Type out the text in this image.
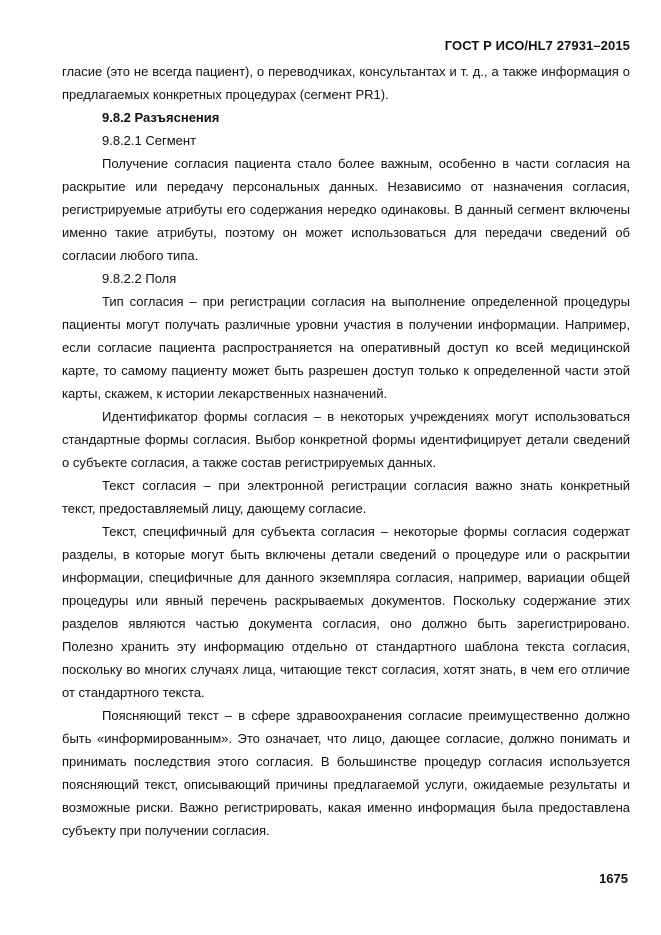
ГОСТ Р ИСО/HL7 27931–2015

гласие (это не всегда пациент), о переводчиках, консультантах и т. д., а также информация о предлагаемых конкретных процедурах (сегмент PR1).

9.8.2 Разъяснения

9.8.2.1 Сегмент

Получение согласия пациента стало более важным, особенно в части согласия на раскрытие или передачу персональных данных. Независимо от назначения согласия, регистрируемые атрибуты его содержания нередко одинаковы. В данный сегмент включены именно такие атрибуты, поэтому он может использоваться для передачи сведений об согласии любого типа.

9.8.2.2 Поля

Тип согласия – при регистрации согласия на выполнение определенной процедуры пациенты могут получать различные уровни участия в получении информации. Например, если согласие пациента распространяется на оперативный доступ ко всей медицинской карте, то самому пациенту может быть разрешен доступ только к определенной части этой карты, скажем, к истории лекарственных назначений.

Идентификатор формы согласия – в некоторых учреждениях могут использоваться стандартные формы согласия. Выбор конкретной формы идентифицирует детали сведений о субъекте согласия, а также состав регистрируемых данных.

Текст согласия – при электронной регистрации согласия важно знать конкретный текст, предоставляемый лицу, дающему согласие.

Текст, специфичный для субъекта согласия – некоторые формы согласия содержат разделы, в которые могут быть включены детали сведений о процедуре или о раскрытии информации, специфичные для данного экземпляра согласия, например, вариации общей процедуры или явный перечень раскрываемых документов. Поскольку содержание этих разделов являются частью документа согласия, оно должно быть зарегистрировано. Полезно хранить эту информацию отдельно от стандартного шаблона текста согласия, поскольку во многих случаях лица, читающие текст согласия, хотят знать, в чем его отличие от стандартного текста.

Поясняющий текст – в сфере здравоохранения согласие преимущественно должно быть «информированным». Это означает, что лицо, дающее согласие, должно понимать и принимать последствия этого согласия. В большинстве процедур согласия используется поясняющий текст, описывающий причины предлагаемой услуги, ожидаемые результаты и возможные риски. Важно регистрировать, какая именно информация была предоставлена субъекту при получении согласия.

1675
